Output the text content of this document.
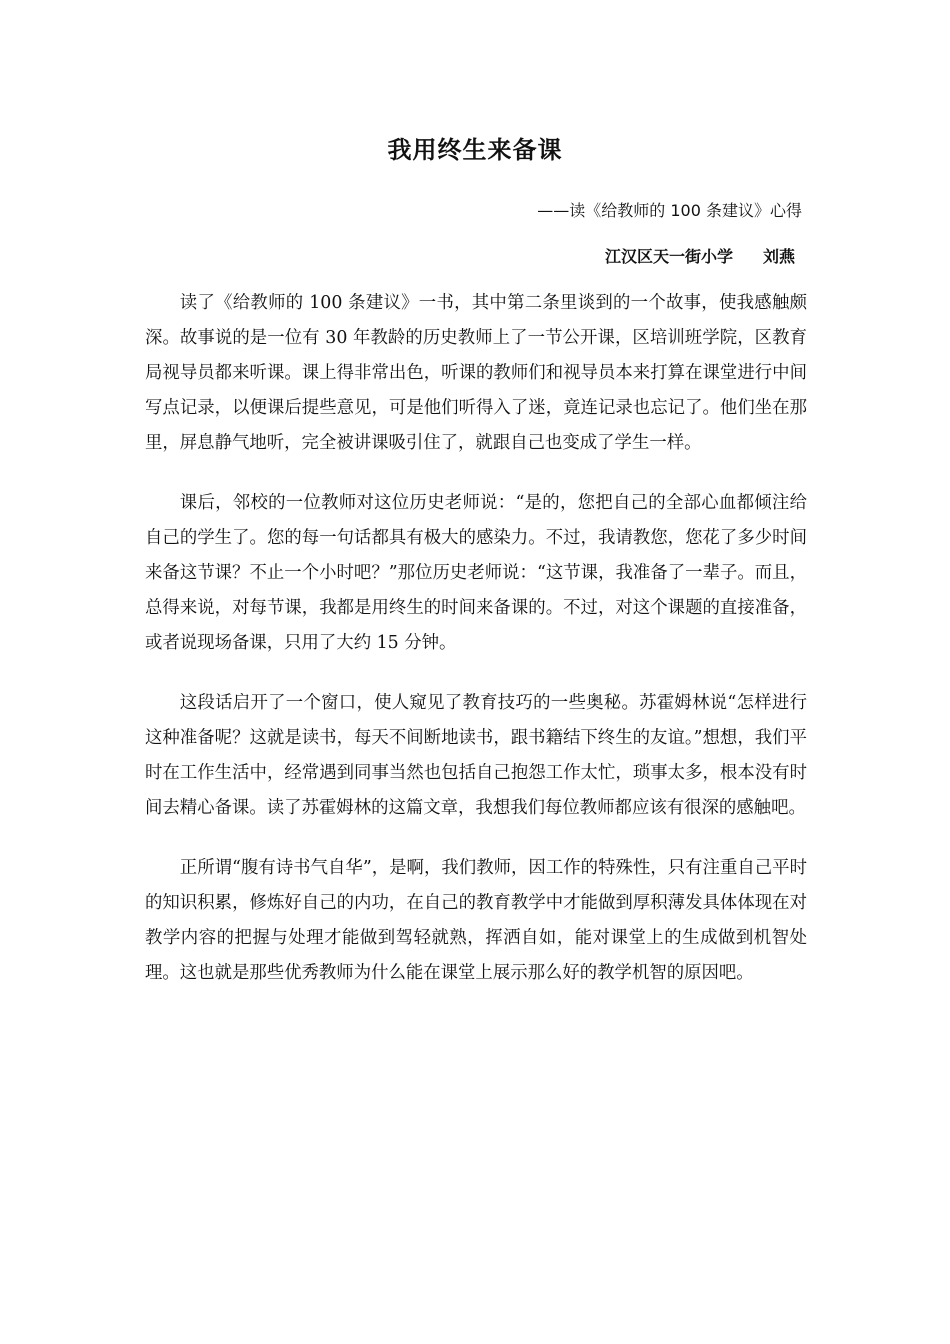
我用终生来备课
——读《给教师的 100 条建议》心得
江汉区天一街小学 刘燕

读了《给教师的 100 条建议》一书，其中第二条里谈到的一个故事，使我感触颇深。故事说的是一位有 30 年教龄的历史教师上了一节公开课，区培训班学院，区教育局视导员都来听课。课上得非常出色，听课的教师们和视导员本来打算在课堂进行中间写点记录，以便课后提些意见，可是他们听得入了迷，竟连记录也忘记了。他们坐在那里，屏息静气地听，完全被讲课吸引住了，就跟自己也变成了学生一样。

课后，邻校的一位教师对这位历史老师说：“是的，您把自己的全部心血都倾注给自己的学生了。您的每一句话都具有极大的感染力。不过，我请教您，您花了多少时间来备这节课？不止一个小时吧？”那位历史老师说：“这节课，我准备了一辈子。而且，总得来说，对每节课，我都是用终生的时间来备课的。不过，对这个课题的直接准备，或者说现场备课，只用了大约 15 分钟。

这段话启开了一个窗口，使人窥见了教育技巧的一些奥秘。苏霍姆林说“怎样进行这种准备呢？这就是读书，每天不间断地读书，跟书籍结下终生的友谊。”想想，我们平时在工作生活中，经常遇到同事当然也包括自己抱怨工作太忙，琐事太多，根本没有时间去精心备课。读了苏霍姆林的这篇文章，我想我们每位教师都应该有很深的感触吧。

正所谓“腹有诗书气自华”，是啊，我们教师，因工作的特殊性，只有注重自己平时的知识积累，修炼好自己的内功，在自己的教育教学中才能做到厚积薄发具体体现在对教学内容的把握与处理才能做到驾轻就熟，挥洒自如，能对课堂上的生成做到机智处理。这也就是那些优秀教师为什么能在课堂上展示那么好的教学机智的原因吧。
